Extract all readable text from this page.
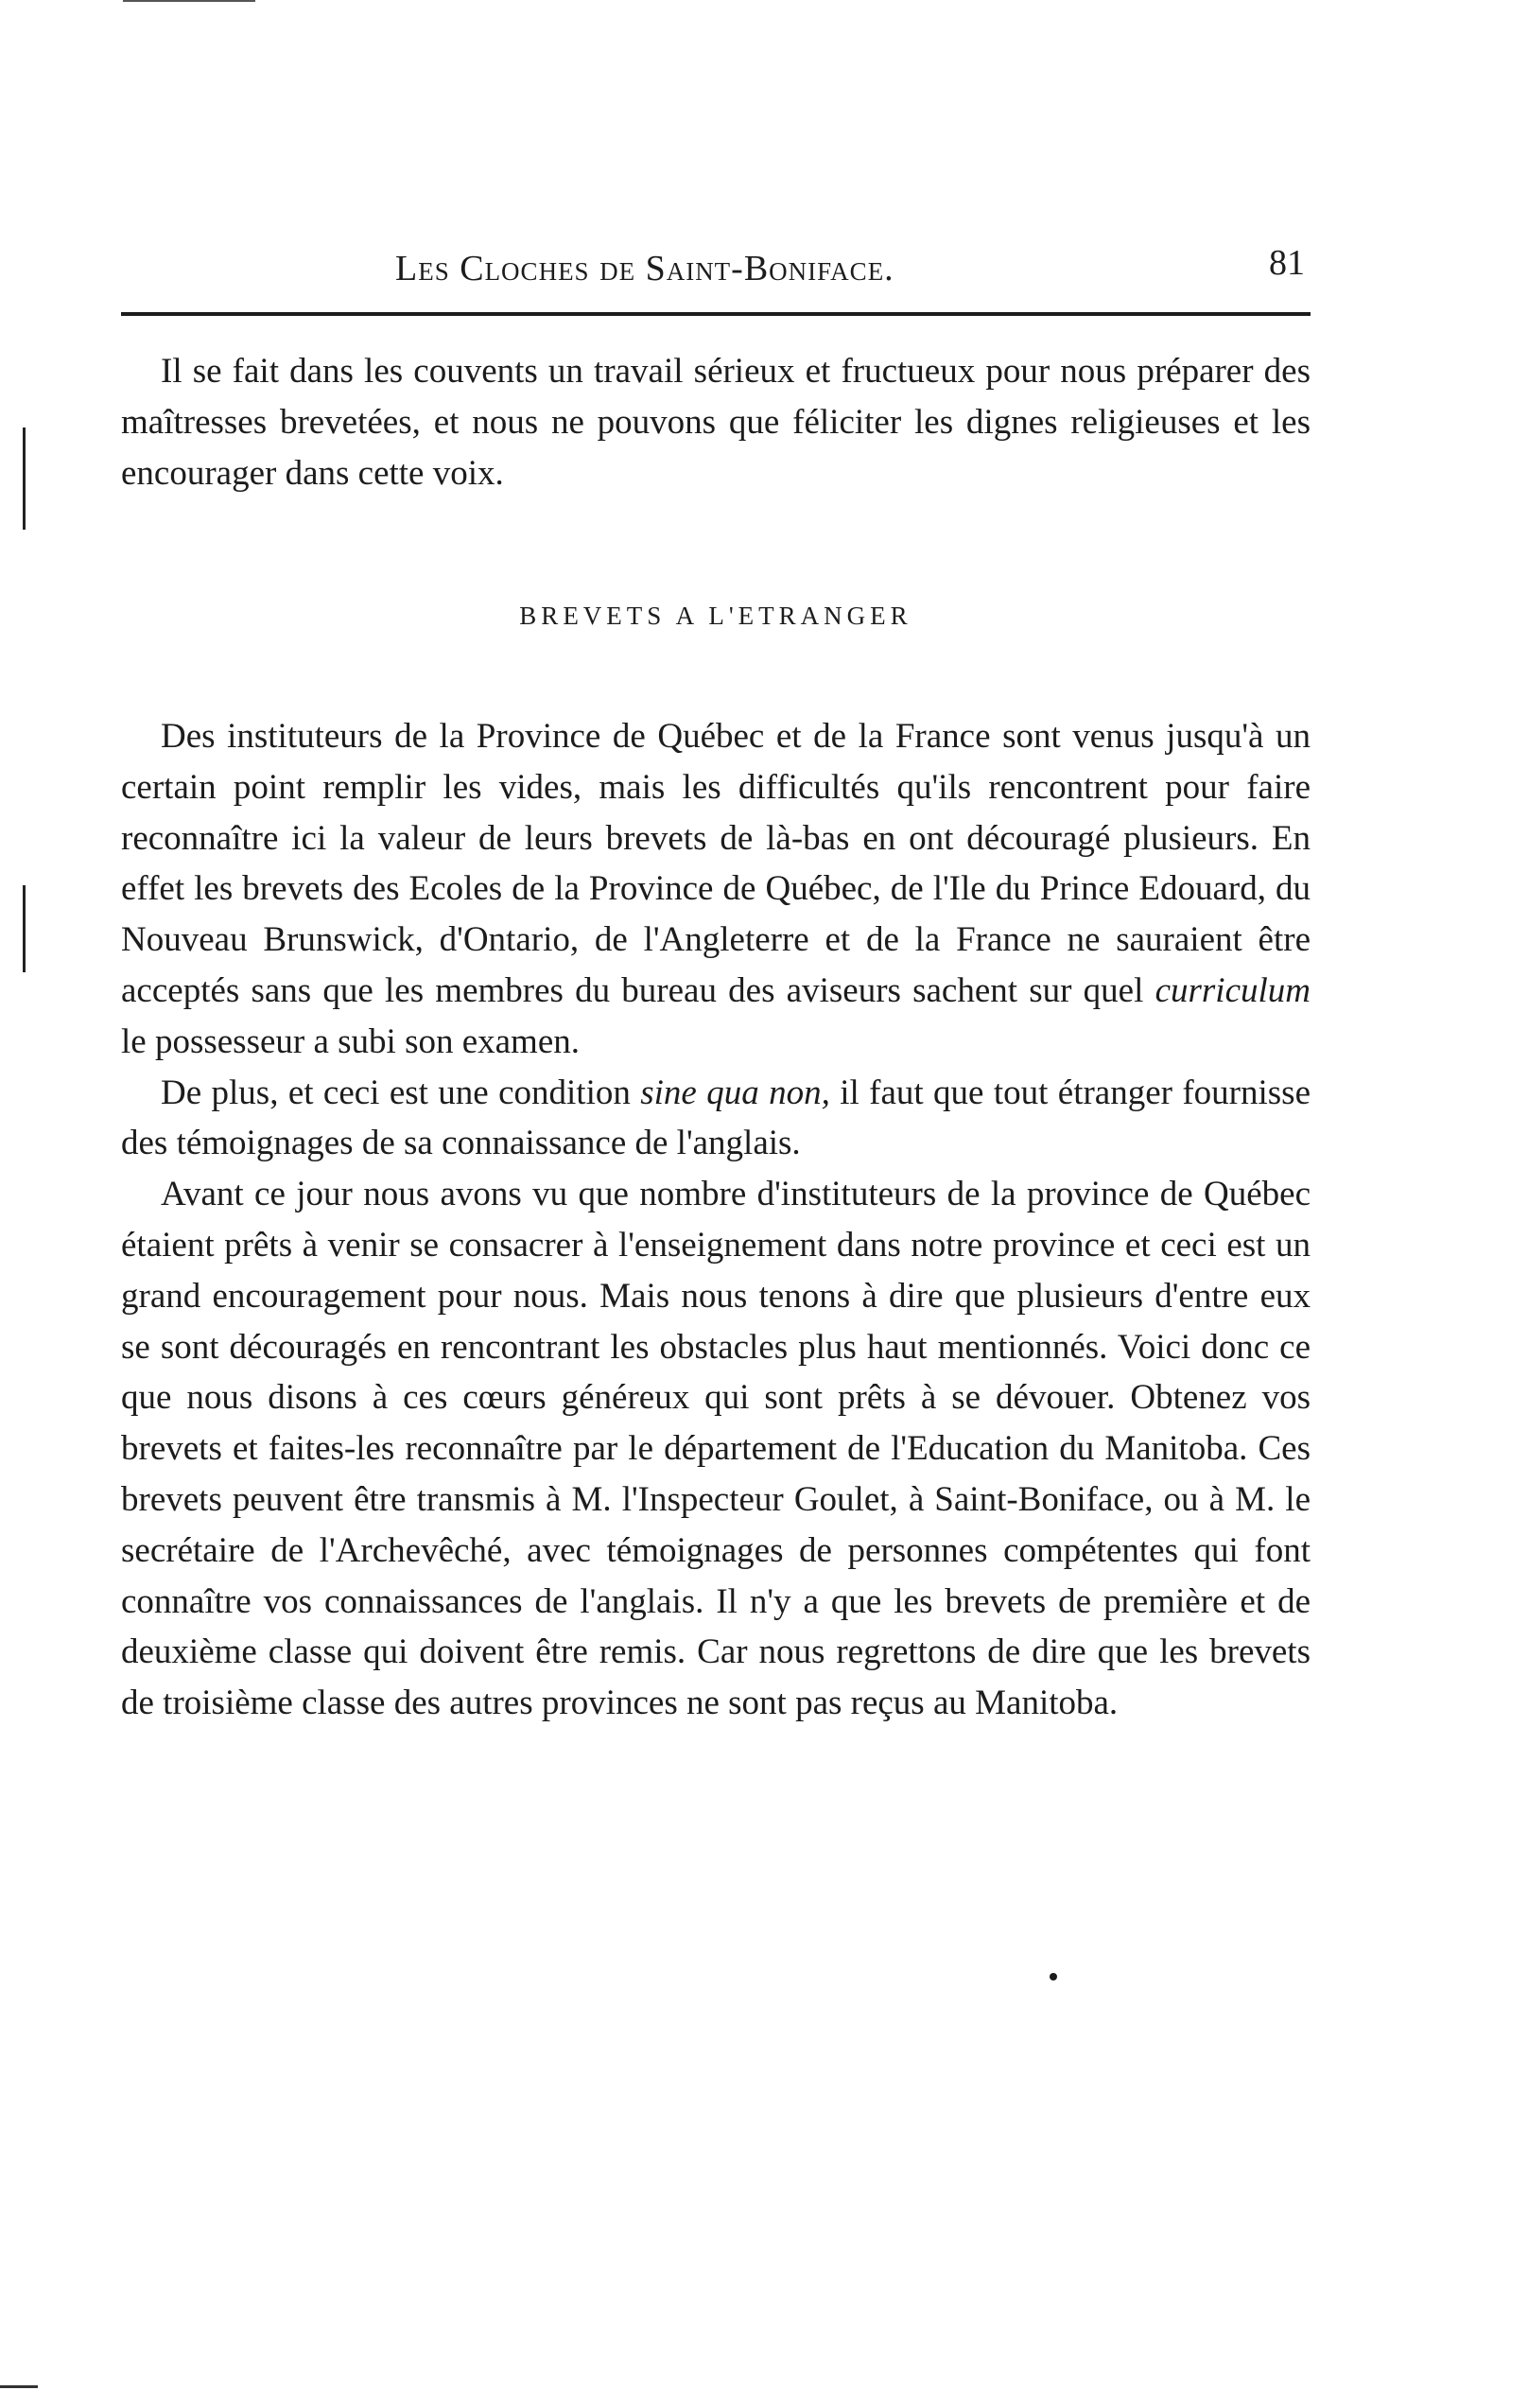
Les Cloches de Saint-Boniface.	81

Il se fait dans les couvents un travail sérieux et fructueux pour nous préparer des maîtresses brevetées, et nous ne pouvons que féliciter les dignes religieuses et les encourager dans cette voix.

BREVETS A L'ETRANGER

Des instituteurs de la Province de Québec et de la France sont venus jusqu'à un certain point remplir les vides, mais les difficultés qu'ils rencontrent pour faire reconnaître ici la valeur de leurs brevets de là-bas en ont découragé plusieurs. En effet les brevets des Ecoles de la Province de Québec, de l'Ile du Prince Edouard, du Nouveau Brunswick, d'Ontario, de l'Angleterre et de la France ne sauraient être acceptés sans que les membres du bureau des aviseurs sachent sur quel curriculum le possesseur a subi son examen.

De plus, et ceci est une condition sine qua non, il faut que tout étranger fournisse des témoignages de sa connaissance de l'anglais.

Avant ce jour nous avons vu que nombre d'instituteurs de la province de Québec étaient prêts à venir se consacrer à l'enseignement dans notre province et ceci est un grand encouragement pour nous. Mais nous tenons à dire que plusieurs d'entre eux se sont découragés en rencontrant les obstacles plus haut mentionnés. Voici donc ce que nous disons à ces cœurs généreux qui sont prêts à se dévouer. Obtenez vos brevets et faites-les reconnaître par le département de l'Education du Manitoba. Ces brevets peuvent être transmis à M. l'Inspecteur Goulet, à Saint-Boniface, ou à M. le secrétaire de l'Archevêché, avec témoignages de personnes compétentes qui font connaître vos connaissances de l'anglais. Il n'y a que les brevets de première et de deuxième classe qui doivent être remis. Car nous regrettons de dire que les brevets de troisième classe des autres provinces ne sont pas reçus au Manitoba.
